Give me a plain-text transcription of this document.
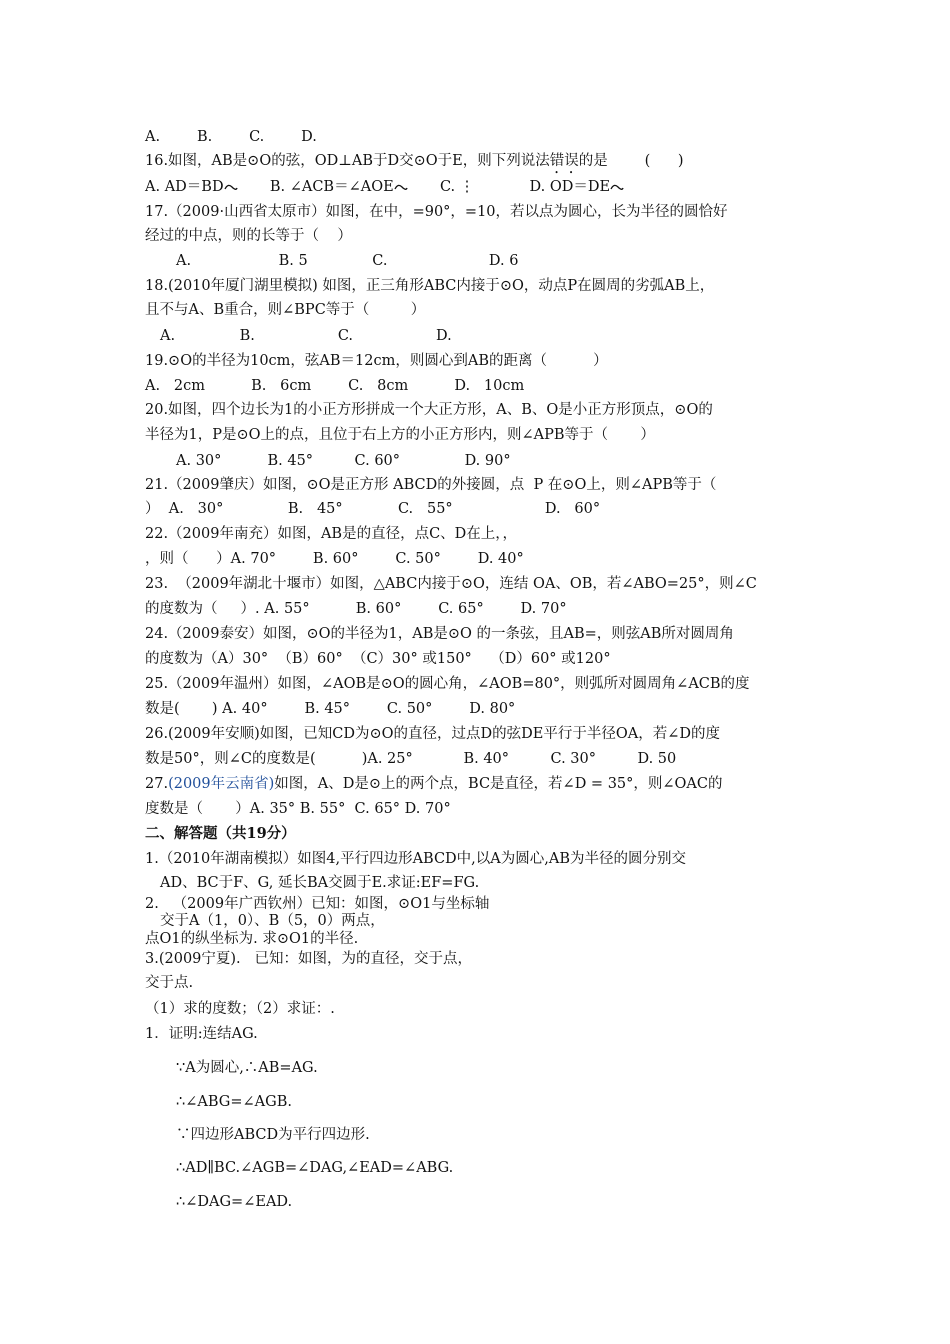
A.        B.        C.        D.
16.如图，AB是⊙O的弦，OD⊥AB于D交⊙O于E，则下列说法错误的是        (      )
A. AD＝BD
B. ∠ACB＝∠AOE
C. ⋮            D. OD＝DE
17.（2009·山西省太原市）如图，在中，=90°，=10，若以点为圆心，长为半径的圆恰好
经过的中点，则的长等于（    ）
A.                   B. 5              C.                      D. 6
18.(2010年厦门湖里模拟) 如图，正三角形ABC内接于⊙O，动点P在圆周的劣弧AB上，
且不与A、B重合，则∠BPC等于（         ）
A.              B.                  C.                  D.
19.⊙O的半径为10cm，弦AB＝12cm，则圆心到AB的距离（          ）
A.   2cm          B.   6cm        C.   8cm          D.   10cm
20.如图，四个边长为1的小正方形拼成一个大正方形，A、B、O是小正方形顶点，⊙O的
半径为1，P是⊙O上的点，且位于右上方的小正方形内，则∠APB等于（       ）
A. 30°          B. 45°         C. 60°              D. 90°
21.（2009肇庆）如图，⊙O是正方形 ABCD的外接圆，点  P 在⊙O上，则∠APB等于（
）  A.   30°              B.   45°            C.   55°                    D.   60°
22.（2009年南充）如图，AB是的直径，点C、D在上，，
，则（      ）A. 70°        B. 60°        C. 50°        D. 40°
23.  （2009年湖北十堰市）如图，△ABC内接于⊙O，连结 OA、OB，若∠ABO=25°，则∠C
的度数为（     ）. A. 55°          B. 60°        C. 65°        D. 70°
24.（2009泰安）如图，⊙O的半径为1，AB是⊙O 的一条弦，且AB=，则弦AB所对圆周角
的度数为（A）30°  （B）60°  （C）30° 或150°    （D）60° 或120°
25.（2009年温州）如图，∠AOB是⊙O的圆心角，∠AOB=80°，则弧所对圆周角∠ACB的度
数是(       ) A. 40°        B. 45°        C. 50°        D. 80°
26.(2009年安顺)如图，已知CD为⊙O的直径，过点D的弦DE平行于半径OA，若∠D的度
数是50°，则∠C的度数是(          )A. 25°           B. 40°         C. 30°         D. 50
27.(2009年云南省)如图，A、D是⊙上的两个点，BC是直径，若∠D = 35°，则∠OAC的
度数是（       ）A. 35° B. 55°  C. 65° D. 70°
二、解答题（共19分）
1.（2010年湖南模拟）如图4,平行四边形ABCD中,以A为圆心,AB为半径的圆分别交
AD、BC于F、G, 延长BA交圆于E.求证:EF=FG.
2.   （2009年广西钦州）已知：如图，⊙O1与坐标轴
交于A（1，0）、B（5，0）两点，
点O1的纵坐标为. 求⊙O1的半径.
3.(2009宁夏).   已知：如图，为的直径，交于点，
交于点.
（1）求的度数；（2）求证：.
1．证明:连结AG.
∵A为圆心,∴AB=AG.
∴∠ABG=∠AGB.
∵四边形ABCD为平行四边形.
∴AD∥BC.∠AGB=∠DAG,∠EAD=∠ABG.
∴∠DAG=∠EAD.
